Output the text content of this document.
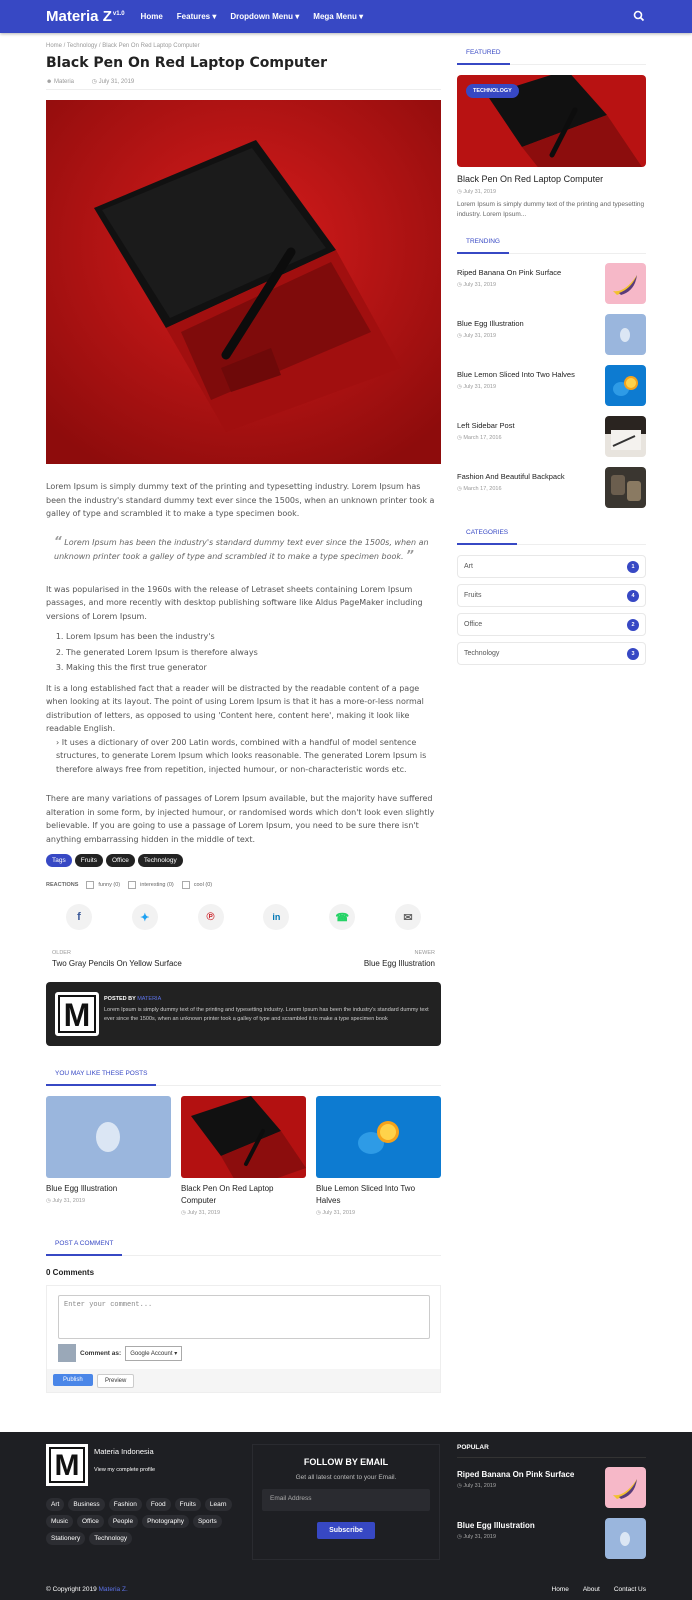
Materia $Z^{v1.0}$ Home Features ▾ Dropdown Menu ▾ Mega Menu ▾
Home / Technology / Black Pen On Red Laptop Computer
Black Pen On Red Laptop Computer
☻ Materia	◷ July 31, 2019

Lorem Ipsum is simply dummy text of the printing and typesetting industry. Lorem Ipsum has been the industry's standard dummy text ever since the 1500s, when an unknown printer took a galley of type and scrambled it to make a type specimen book.

“ Lorem Ipsum has been the industry's standard dummy text ever since the 1500s, when an unknown printer took a galley of type and scrambled it to make a type specimen book. ”

It was popularised in the 1960s with the release of Letraset sheets containing Lorem Ipsum passages, and more recently with desktop publishing software like Aldus PageMaker including versions of Lorem Ipsum.

1. Lorem Ipsum has been the industry's
2. The generated Lorem Ipsum is therefore always
3. Making this the first true generator

It is a long established fact that a reader will be distracted by the readable content of a page when looking at its layout. The point of using Lorem Ipsum is that it has a more-or-less normal distribution of letters, as opposed to using 'Content here, content here', making it look like readable English.

› It uses a dictionary of over 200 Latin words, combined with a handful of model sentence structures, to generate Lorem Ipsum which looks reasonable. The generated Lorem Ipsum is therefore always free from repetition, injected humour, or non-characteristic words etc.

There are many variations of passages of Lorem Ipsum available, but the majority have suffered alteration in some form, by injected humour, or randomised words which don't look even slightly believable. If you are going to use a passage of Lorem Ipsum, you need to be sure there isn't anything embarrassing hidden in the middle of text.

Tags	Fruits	Office	Technology
REACTIONS	funny (0)	interesting (0)	cool (0)
f	✦	℗	in	☎	✉
OLDER
Two Gray Pencils On Yellow Surface
NEWER
Blue Egg Illustration
M	POSTED BY MATERIA
Lorem Ipsum is simply dummy text of the printing and typesetting industry. Lorem Ipsum has been the industry's standard dummy text ever since the 1500s, when an unknown printer took a galley of type and scrambled it to make a type specimen book
YOU MAY LIKE THESE POSTS
Blue Egg Illustration
◷ July 31, 2019
Black Pen On Red Laptop Computer
◷ July 31, 2019
Blue Lemon Sliced Into Two Halves
◷ July 31, 2019
POST A COMMENT
0 Comments
Enter your comment...
Comment as:	Google Account ▾
Publish	Preview
FEATURED
TECHNOLOGY
Black Pen On Red Laptop Computer
◷ July 31, 2019
Lorem Ipsum is simply dummy text of the printing and typesetting industry. Lorem Ipsum...
TRENDING
Riped Banana On Pink Surface
◷ July 31, 2019
Blue Egg Illustration
◷ July 31, 2019
Blue Lemon Sliced Into Two Halves
◷ July 31, 2019
Left Sidebar Post
◷ March 17, 2016
Fashion And Beautiful Backpack
◷ March 17, 2016
CATEGORIES
Art	1
Fruits	4
Office	2
Technology	3
M	Materia Indonesia
View my complete profile
Art	Business	Fashion	Food	Fruits	Learn
Music	Office	People	Photography	Sports
Stationery	Technology
FOLLOW BY EMAIL

Get all latest content to your Email.

Email Address
Subscribe
POPULAR
Riped Banana On Pink Surface
◷ July 31, 2019
Blue Egg Illustration
◷ July 31, 2019
© Copyright 2019 Materia Z.	Home About Contact Us
